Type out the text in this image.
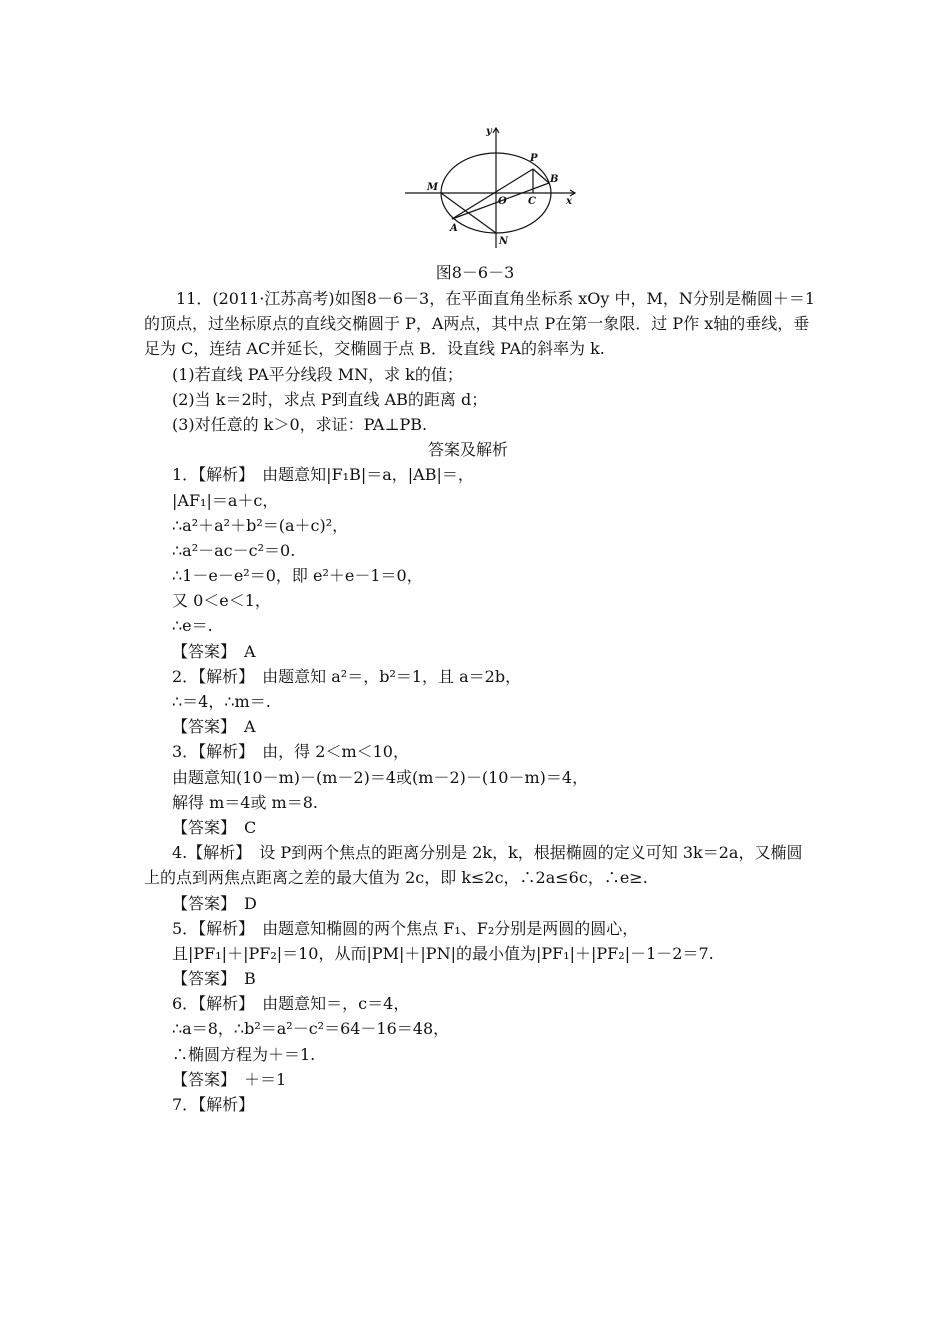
y
x
P
B
M
O C
A
N
图8－6－3
11．(2011·江苏高考)如图8－6－3，在平面直角坐标系 xOy 中，M，N分别是椭圆＋＝1
的顶点，过坐标原点的直线交椭圆于 P，A两点，其中点 P在第一象限．过 P作 x轴的垂线，垂
足为 C，连结 AC并延长，交椭圆于点 B．设直线 PA的斜率为 k.
(1)若直线 PA平分线段 MN，求 k的值；
(2)当 k＝2时，求点 P到直线 AB的距离 d；
(3)对任意的 k＞0，求证：PA⊥PB.
答案及解析
1．【解析】　由题意知|F₁B|＝a，|AB|＝，
|AF₁|＝a＋c，
∴a²＋a²＋b²＝(a＋c)²，
∴a²－ac－c²＝0.
∴1－e－e²＝0，即 e²＋e－1＝0，
又 0＜e＜1，
∴e＝.
【答案】　A
2．【解析】　由题意知 a²＝，b²＝1，且 a＝2b，
∴＝4，∴m＝.
【答案】　A
3．【解析】　由，得 2＜m＜10，
由题意知(10－m)－(m－2)＝4或(m－2)－(10－m)＝4，
解得 m＝4或 m＝8.
【答案】　C
4.【解析】　设 P到两个焦点的距离分别是 2k，k，根据椭圆的定义可知 3k＝2a，又椭圆
上的点到两焦点距离之差的最大值为 2c，即 k≤2c，∴2a≤6c，∴e≥.
【答案】　D
5．【解析】　由题意知椭圆的两个焦点 F₁、F₂分别是两圆的圆心，
且|PF₁|＋|PF₂|＝10，从而|PM|＋|PN|的最小值为|PF₁|＋|PF₂|－1－2＝7.
【答案】　B
6．【解析】　由题意知＝，c＝4，
∴a＝8，∴b²＝a²－c²＝64－16＝48，
∴椭圆方程为＋＝1.
【答案】　＋＝1
7．【解析】
